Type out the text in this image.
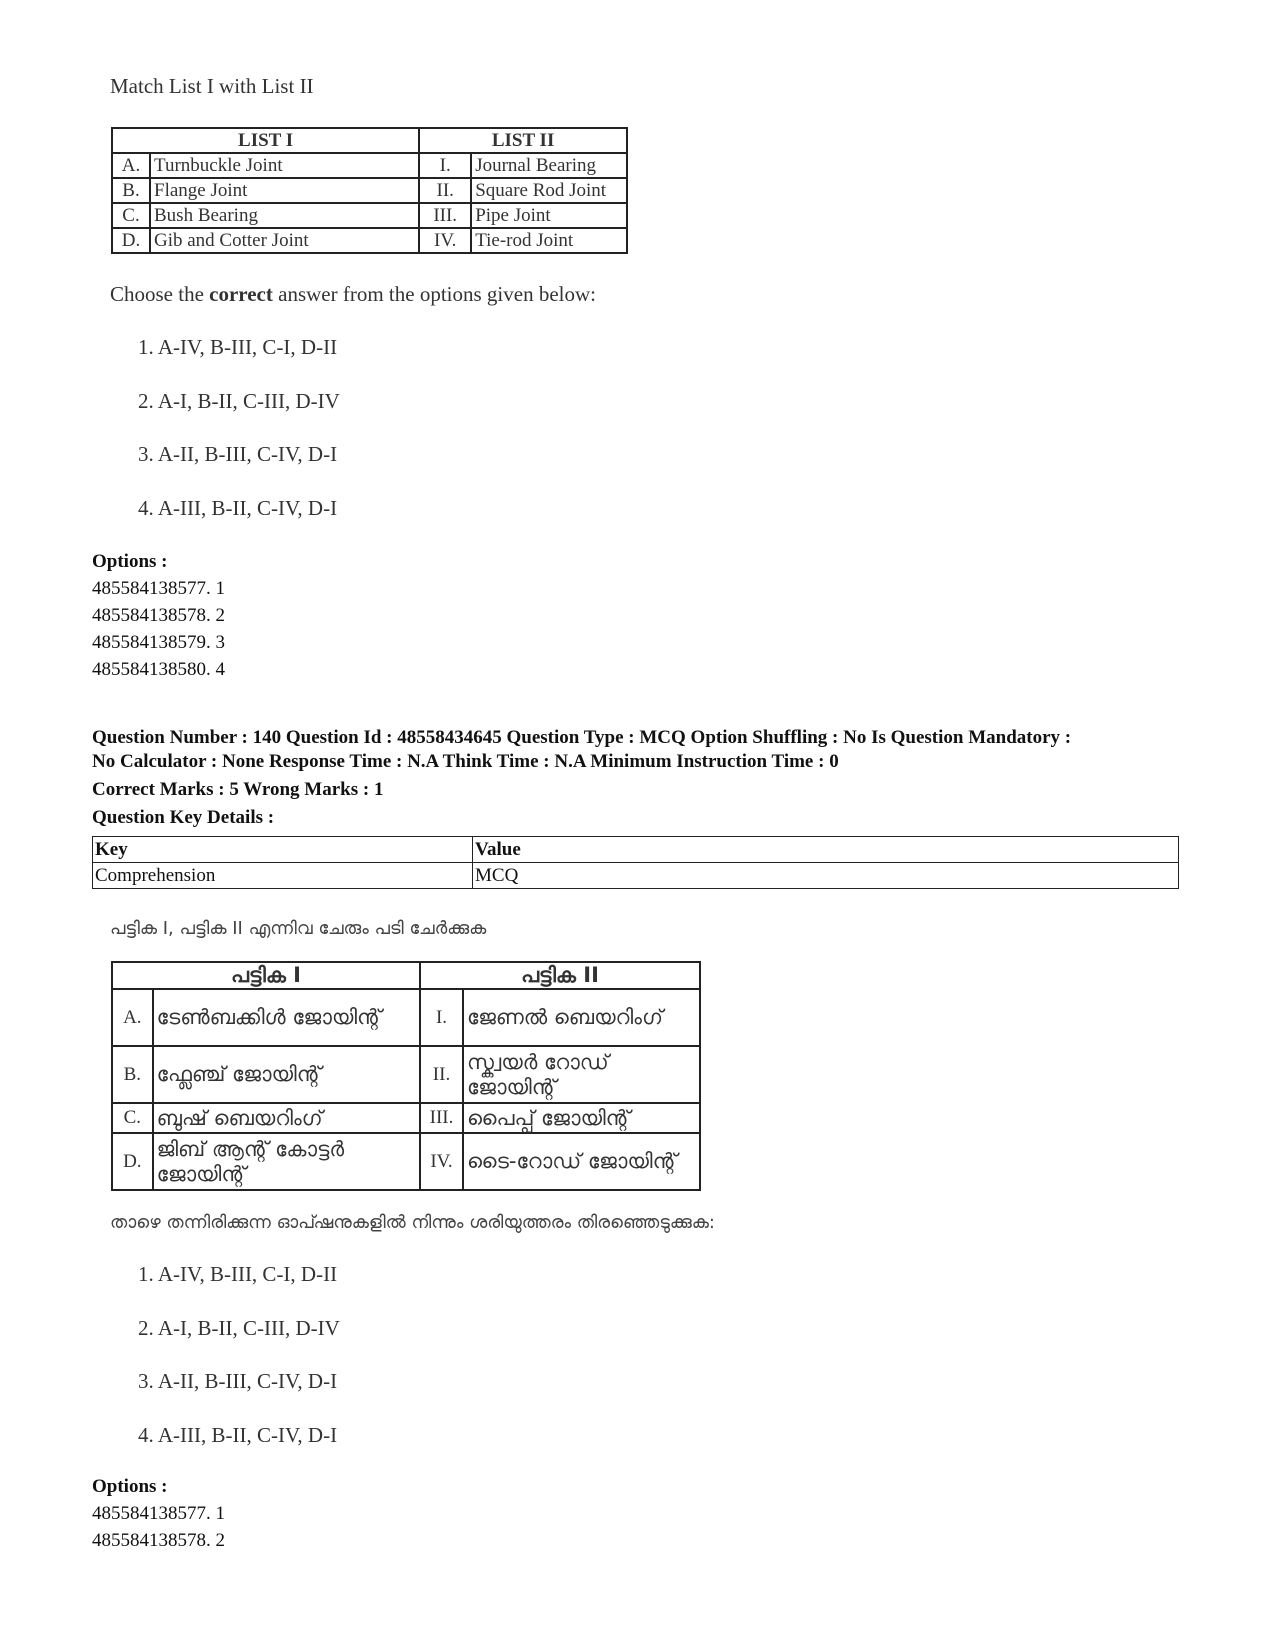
Match List I with List II
LIST I		LIST II	
A.	Turnbuckle Joint	I.	Journal Bearing
B.	Flange Joint	II.	Square Rod Joint
C.	Bush Bearing	III.	Pipe Joint
D.	Gib and Cotter Joint	IV.	Tie-rod Joint
Choose the correct answer from the options given below:
1. A-IV, B-III, C-I, D-II
2. A-I, B-II, C-III, D-IV
3. A-II, B-III, C-IV, D-I
4. A-III, B-II, C-IV, D-I
Options :
485584138577. 1
485584138578. 2
485584138579. 3
485584138580. 4
Question Number : 140 Question Id : 48558434645 Question Type : MCQ Option Shuffling : No Is Question Mandatory :
No Calculator : None Response Time : N.A Think Time : N.A Minimum Instruction Time : 0
Correct Marks : 5 Wrong Marks : 1
Question Key Details :
Key	Value
Comprehension	MCQ
പട്ടിക I, പട്ടിക II എന്നിവ ചേരും പടി ചേർക്കുക
പട്ടിക I		പട്ടിക II	
A.	ടേൺബക്കിൾ ജോയിന്റ്	I.	ജേണൽ ബെയറിംഗ്
B.	ഫ്ലേഞ്ച് ജോയിന്റ്	II.	സ്ക്വയർ റോഡ് ജോയിന്റ്
C.	ബുഷ് ബെയറിംഗ്	III.	പൈപ്പ് ജോയിന്റ്
D.	ജിബ് ആന്റ് കോട്ടർ ജോയിന്റ്	IV.	ടൈ-റോഡ് ജോയിന്റ്
താഴെ തന്നിരിക്കുന്ന ഓപ്ഷനുകളിൽ നിന്നും ശരിയുത്തരം തിരഞ്ഞെടുക്കുക:
1. A-IV, B-III, C-I, D-II
2. A-I, B-II, C-III, D-IV
3. A-II, B-III, C-IV, D-I
4. A-III, B-II, C-IV, D-I
Options :
485584138577. 1
485584138578. 2
